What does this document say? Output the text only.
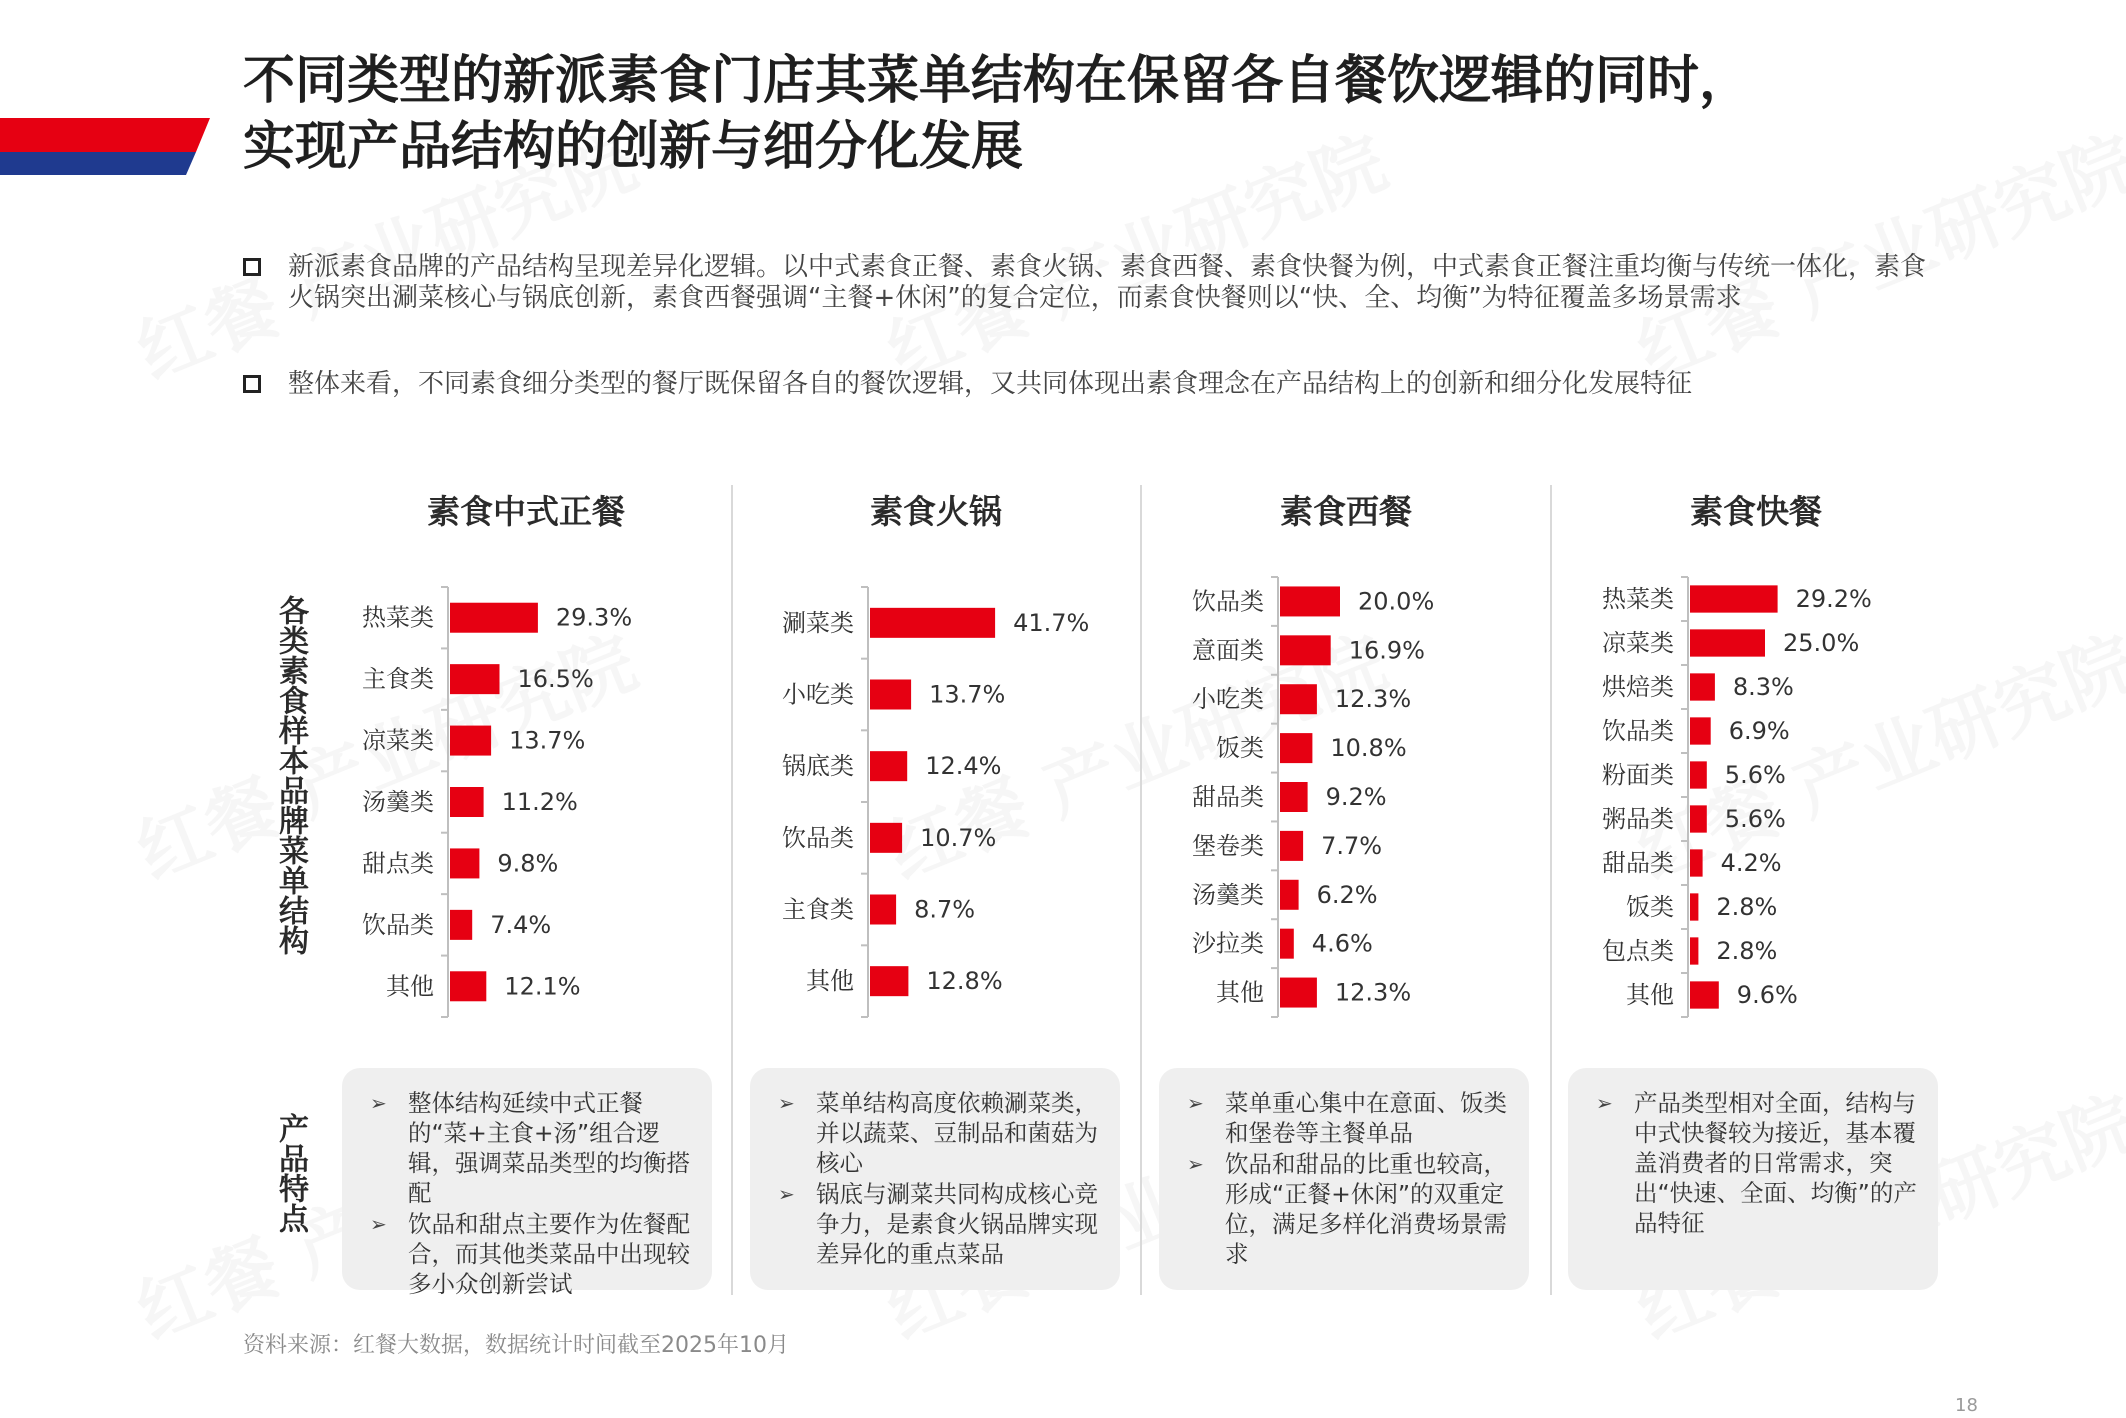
不同类型的新派素食门店其菜单结构在保留各自餐饮逻辑的同时，
实现产品结构的创新与细分化发展
新派素食品牌的产品结构呈现差异化逻辑。以中式素食正餐、素食火锅、素食西餐、素食快餐为例，中式素食正餐注重均衡与传统一体化，素食火锅突出涮菜核心与锅底创新，素食西餐强调“主餐+休闲”的复合定位，而素食快餐则以“快、全、均衡”为特征覆盖多场景需求
整体来看，不同素食细分类型的餐厅既保留各自的餐饮逻辑，又共同体现出素食理念在产品结构上的创新和细分化发展特征
各类素食样本品牌菜单结构
产品特点
素食中式正餐	素食火锅	素食西餐	素食快餐
热菜类	29.3%
主食类	16.5%
凉菜类	13.7%
汤羹类	11.2%
甜点类	9.8%
饮品类 7.4%
其他	12.1%
涮菜类	41.7%
小吃类	13.7%
锅底类	12.4%
饮品类	10.7%
主食类	8.7%
其他	12.8%
饮品类	20.0%
意面类	16.9%
小吃类	12.3%
饭类	10.8%
甜品类	9.2%
堡卷类 7.7%
汤羹类 6.2%
沙拉类 4.6%
其他	12.3%
热菜类	29.2%
凉菜类	25.0%
烘焙类 8.3%
饮品类 6.9%
粉面类 5.6%
粥品类 5.6%
甜品类 4.2%
饭类 2.8%
包点类 2.8%
其他	9.6%
➢ 整体结构延续中式正餐的“菜+主食+汤”组合逻辑，强调菜品类型的均衡搭配
➢ 饮品和甜点主要作为佐餐配合，而其他类菜品中出现较多小众创新尝试
➢ 菜单结构高度依赖涮菜类，并以蔬菜、豆制品和菌菇为核心
➢ 锅底与涮菜共同构成核心竞争力，是素食火锅品牌实现差异化的重点菜品
➢ 菜单重心集中在意面、饭类和堡卷等主餐单品
➢ 饮品和甜品的比重也较高，形成“正餐+休闲”的双重定位，满足多样化消费场景需求
➢ 产品类型相对全面，结构与中式快餐较为接近，基本覆盖消费者的日常需求，突出“快速、全面、均衡”的产品特征
资料来源：红餐大数据，数据统计时间截至2025年10月
18
